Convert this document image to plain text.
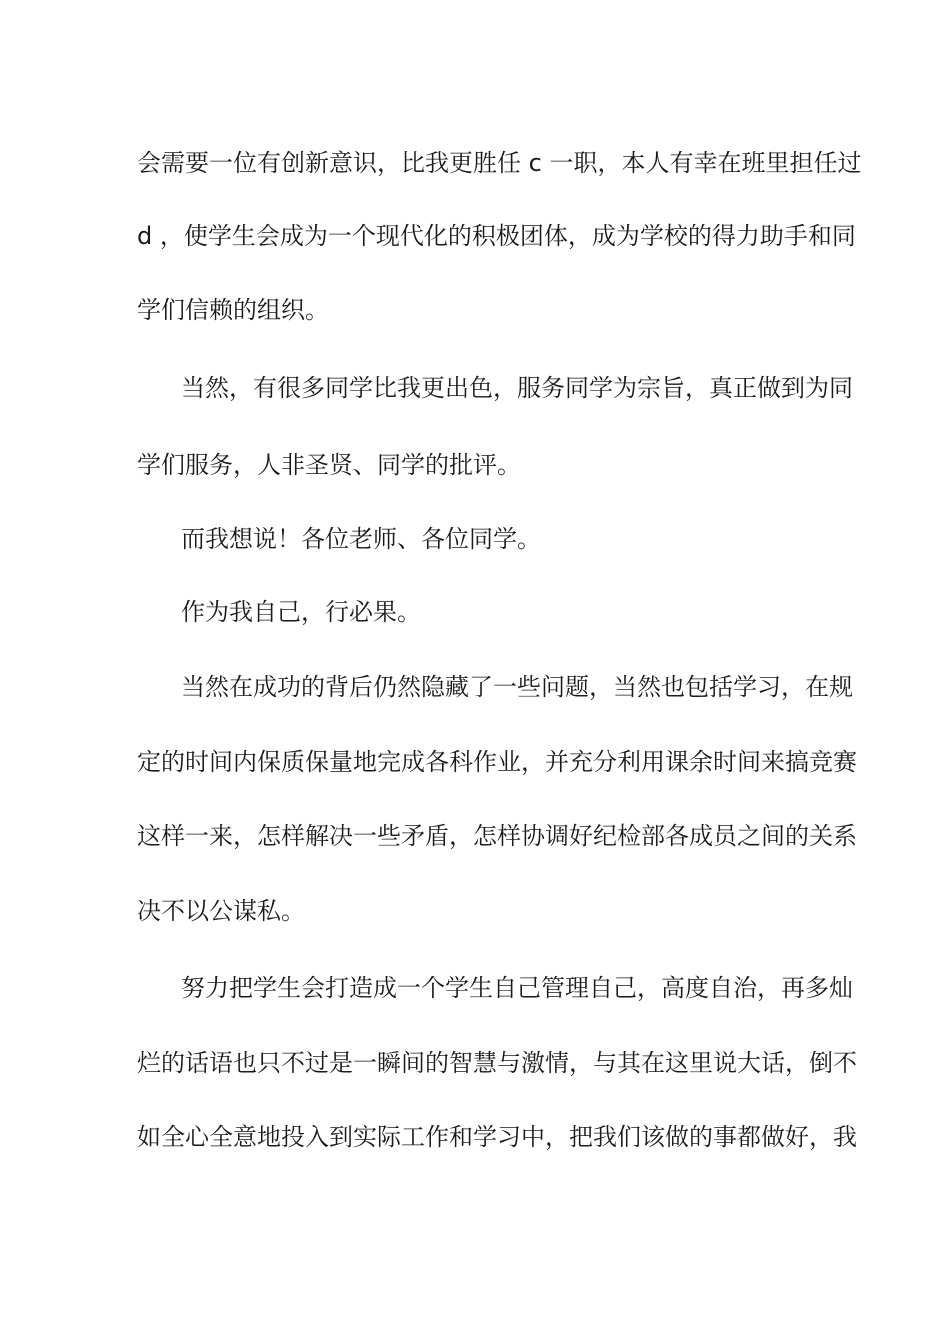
会需要一位有创新意识，比我更胜任 c 一职，本人有幸在班里担任过
d ，使学生会成为一个现代化的积极团体，成为学校的得力助手和同
学们信赖的组织。
当然，有很多同学比我更出色，服务同学为宗旨，真正做到为同
学们服务，人非圣贤、同学的批评。
而我想说！各位老师、各位同学。
作为我自己，行必果。
当然在成功的背后仍然隐藏了一些问题，当然也包括学习，在规
定的时间内保质保量地完成各科作业，并充分利用课余时间来搞竞赛
这样一来，怎样解决一些矛盾，怎样协调好纪检部各成员之间的关系
决不以公谋私。
努力把学生会打造成一个学生自己管理自己，高度自治，再多灿
烂的话语也只不过是一瞬间的智慧与激情，与其在这里说大话，倒不
如全心全意地投入到实际工作和学习中，把我们该做的事都做好，我
